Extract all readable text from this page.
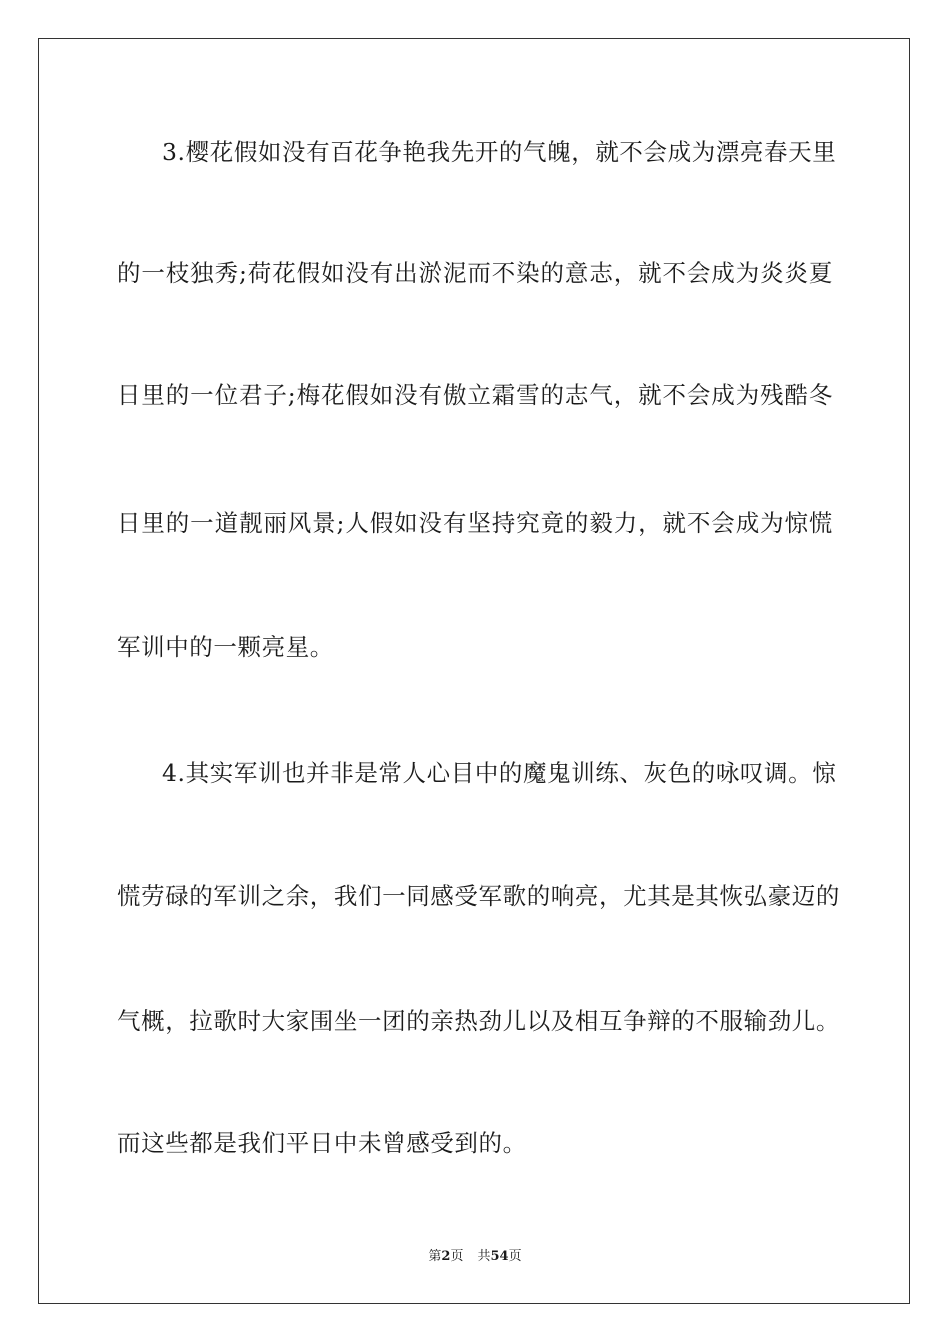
3.樱花假如没有百花争艳我先开的气魄，就不会成为漂亮春天里
的一枝独秀;荷花假如没有出淤泥而不染的意志，就不会成为炎炎夏
日里的一位君子;梅花假如没有傲立霜雪的志气，就不会成为残酷冬
日里的一道靓丽风景;人假如没有坚持究竟的毅力，就不会成为惊慌
军训中的一颗亮星。
4.其实军训也并非是常人心目中的魔鬼训练、灰色的咏叹调。惊
慌劳碌的军训之余，我们一同感受军歌的响亮，尤其是其恢弘豪迈的
气概，拉歌时大家围坐一团的亲热劲儿以及相互争辩的不服输劲儿。
而这些都是我们平日中未曾感受到的。
第2页 共54页
